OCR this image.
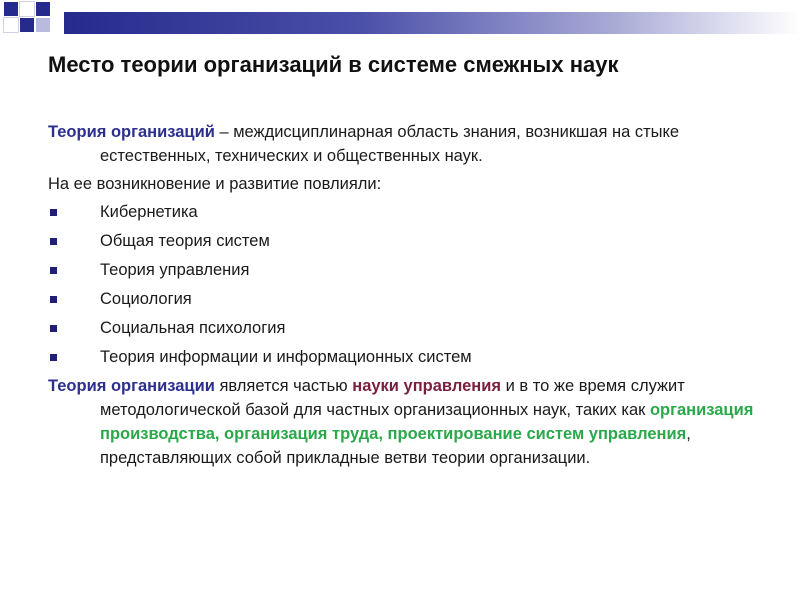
Место теории организаций в системе смежных наук

Теория организаций – междисциплинарная область знания, возникшая на стыке естественных, технических и общественных наук.

На ее возникновение и развитие повлияли:

Кибернетика
Общая теория систем
Теория управления
Социология
Социальная психология
Теория информации и информационных систем

Теория организации является частью науки управления и в то же время служит методологической базой для частных организационных наук, таких как организация производства, организация труда, проектирование систем управления, представляющих собой прикладные ветви теории организации.
